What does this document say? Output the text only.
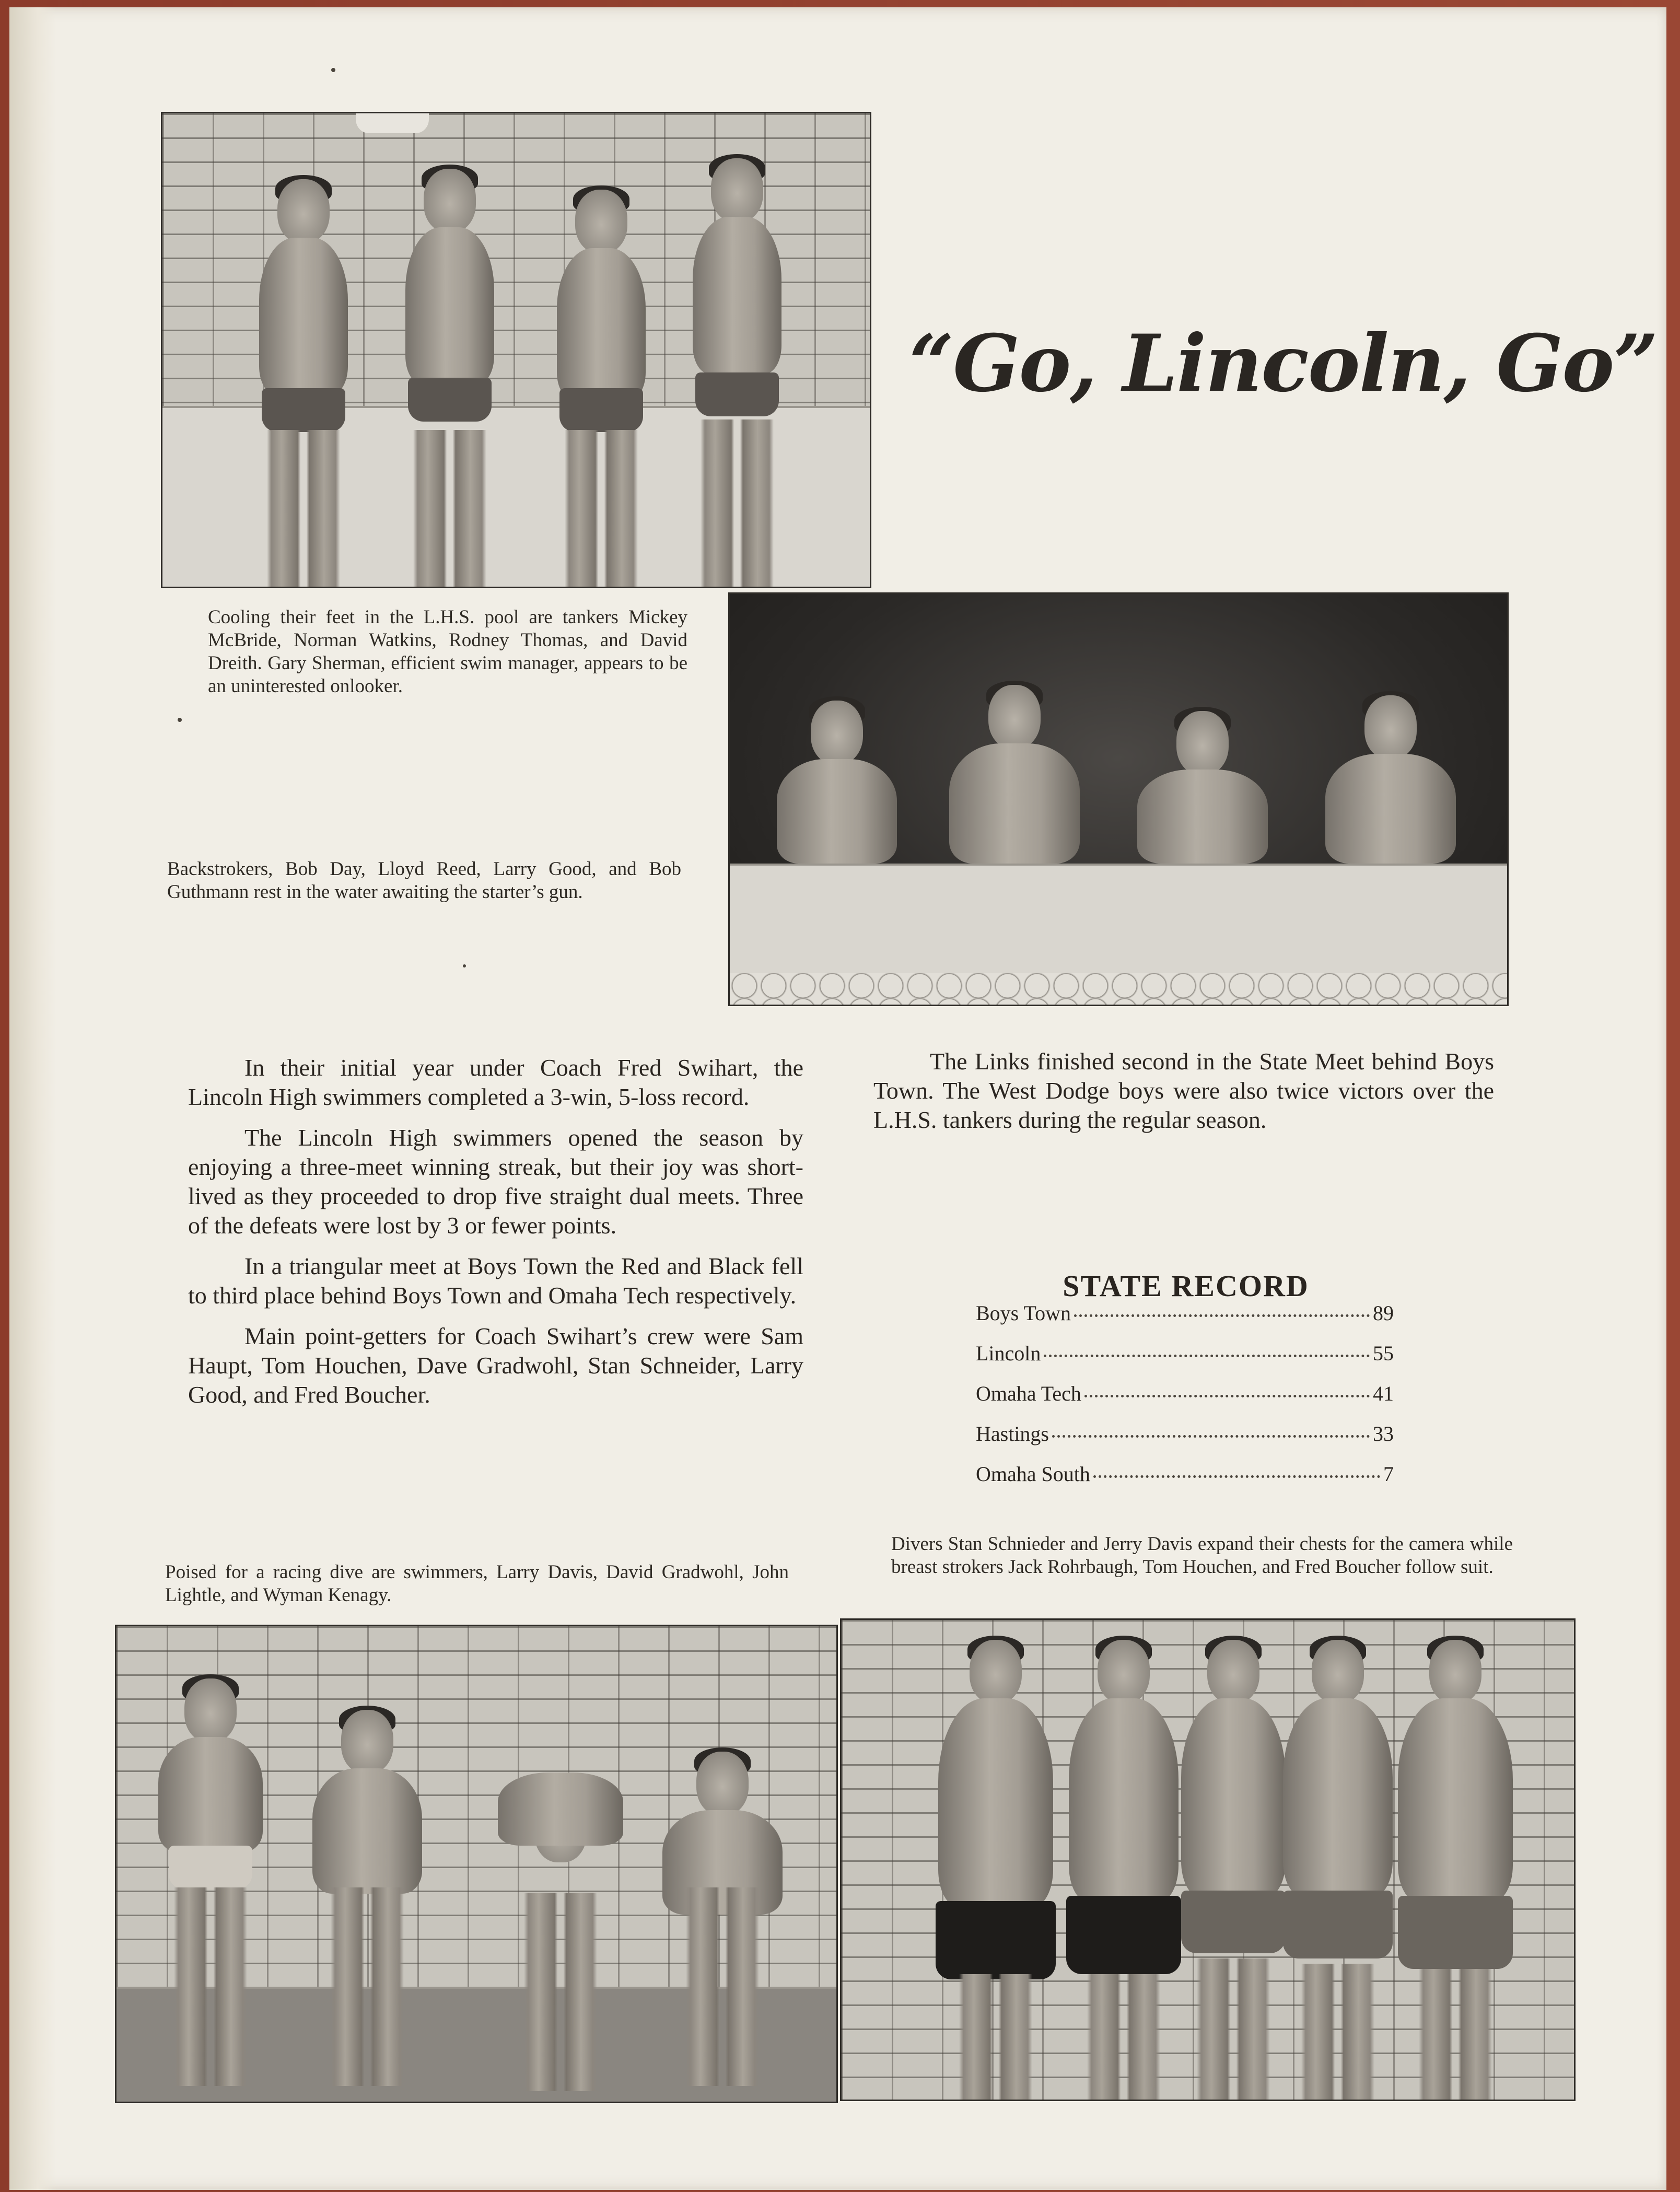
“Go, Lincoln, Go”
Cooling their feet in the L.H.S. pool are tankers Mickey McBride, Norman Watkins, Rodney Thomas, and David Dreith. Gary Sherman, efficient swim manager, appears to be an uninterested onlooker.
Backstrokers, Bob Day, Lloyd Reed, Larry Good, and Bob Guthmann rest in the water awaiting the starter’s gun.

In their initial year under Coach Fred Swihart, the Lincoln High swimmers completed a 3-win, 5-loss record.

The Lincoln High swimmers opened the season by enjoying a three-meet winning streak, but their joy was short-lived as they proceeded to drop five straight dual meets. Three of the defeats were lost by 3 or fewer points.

In a triangular meet at Boys Town the Red and Black fell to third place behind Boys Town and Omaha Tech respectively.

Main point-getters for Coach Swihart’s crew were Sam Haupt, Tom Houchen, Dave Gradwohl, Stan Schneider, Larry Good, and Fred Boucher.

The Links finished second in the State Meet behind Boys Town. The West Dodge boys were also twice victors over the L.H.S. tankers during the regular season.

STATE RECORD
Boys Town	89
Lincoln	55
Omaha Tech	41
Hastings	33
Omaha South	7
Poised for a racing dive are swimmers, Larry Davis, David Gradwohl, John Lightle, and Wyman Kenagy.
Divers Stan Schnieder and Jerry Davis expand their chests for the camera while breast strokers Jack Rohrbaugh, Tom Houchen, and Fred Boucher follow suit.
